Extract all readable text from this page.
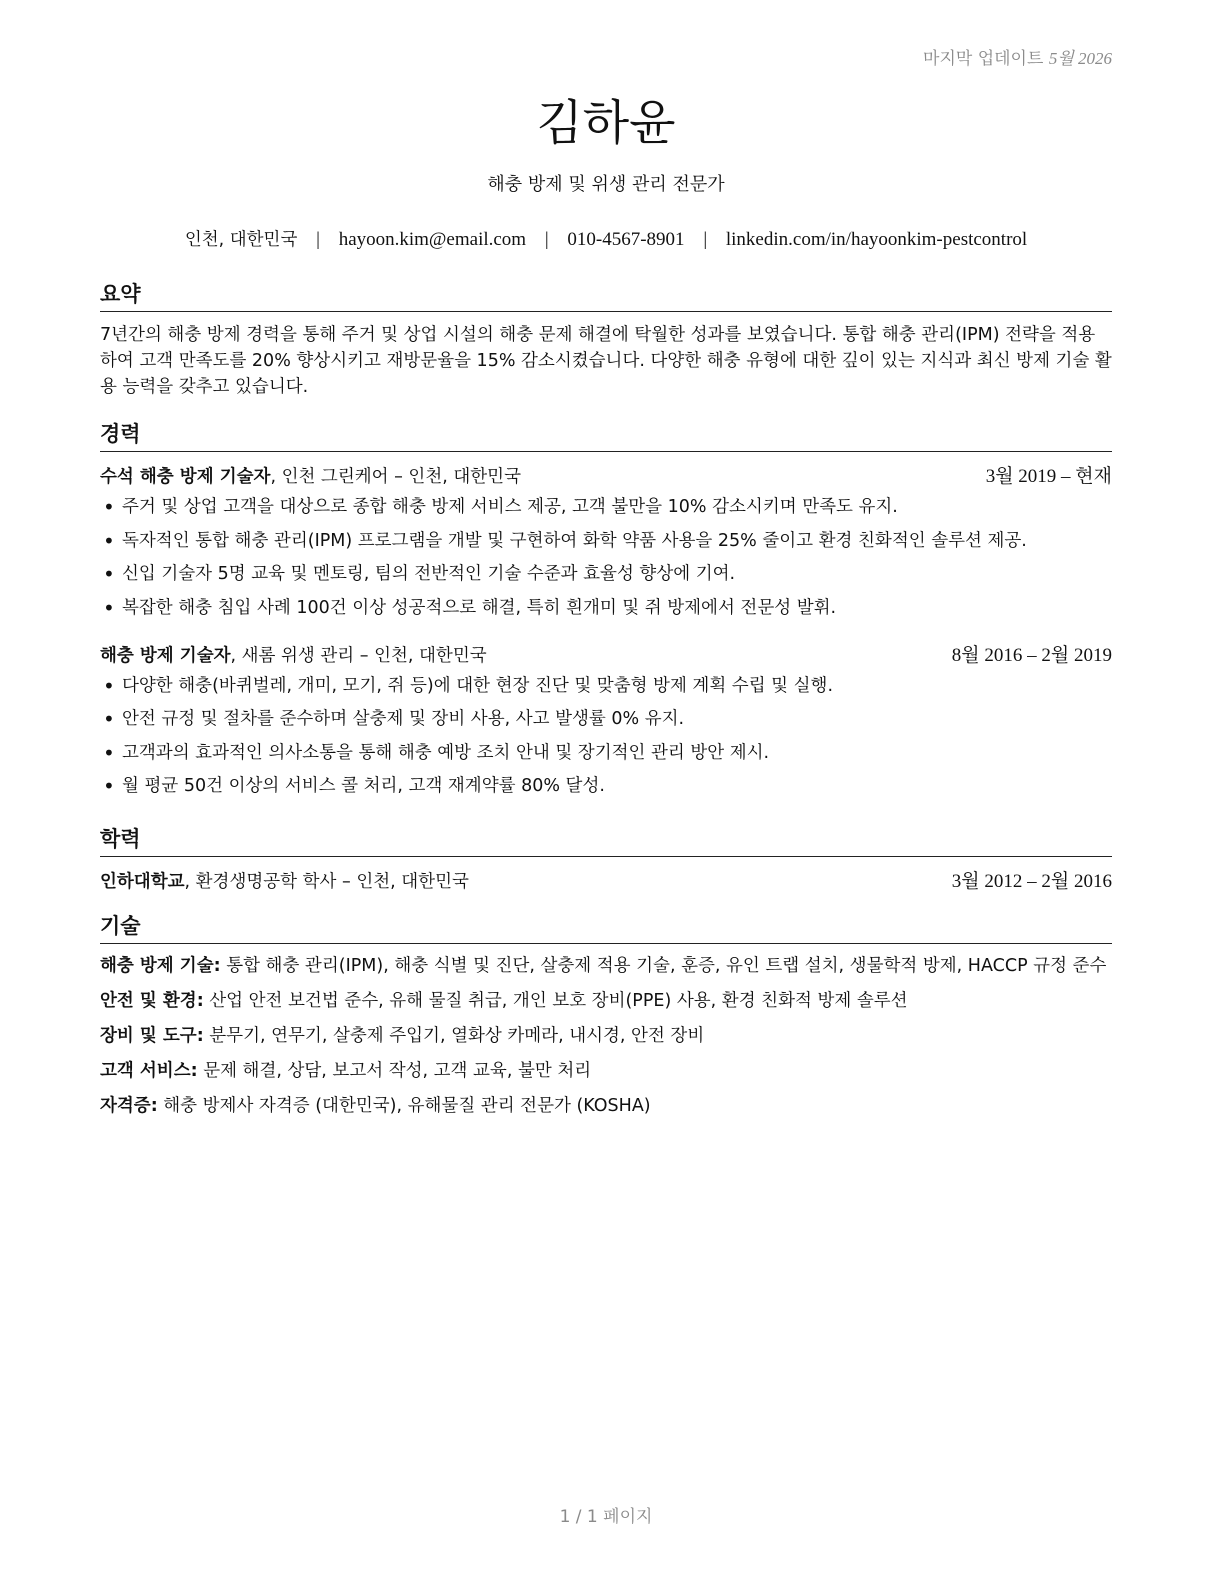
마지막 업데이트 5월 2026
김하윤
해충 방제 및 위생 관리 전문가
인천, 대한민국 | hayoon.kim@email.com | 010-4567-8901 | linkedin.com/in/hayoonkim-pestcontrol
요약
7년간의 해충 방제 경력을 통해 주거 및 상업 시설의 해충 문제 해결에 탁월한 성과를 보였습니다. 통합 해충 관리(IPM) 전략을 적용하여 고객 만족도를 20% 향상시키고 재방문율을 15% 감소시켰습니다. 다양한 해충 유형에 대한 깊이 있는 지식과 최신 방제 기술 활용 능력을 갖추고 있습니다.
경력
수석 해충 방제 기술자, 인천 그린케어 – 인천, 대한민국	3월 2019 – 현재
• 주거 및 상업 고객을 대상으로 종합 해충 방제 서비스 제공, 고객 불만을 10% 감소시키며 만족도 유지.
• 독자적인 통합 해충 관리(IPM) 프로그램을 개발 및 구현하여 화학 약품 사용을 25% 줄이고 환경 친화적인 솔루션 제공.
• 신입 기술자 5명 교육 및 멘토링, 팀의 전반적인 기술 수준과 효율성 향상에 기여.
• 복잡한 해충 침입 사례 100건 이상 성공적으로 해결, 특히 흰개미 및 쥐 방제에서 전문성 발휘.
해충 방제 기술자, 새롬 위생 관리 – 인천, 대한민국	8월 2016 – 2월 2019
• 다양한 해충(바퀴벌레, 개미, 모기, 쥐 등)에 대한 현장 진단 및 맞춤형 방제 계획 수립 및 실행.
• 안전 규정 및 절차를 준수하며 살충제 및 장비 사용, 사고 발생률 0% 유지.
• 고객과의 효과적인 의사소통을 통해 해충 예방 조치 안내 및 장기적인 관리 방안 제시.
• 월 평균 50건 이상의 서비스 콜 처리, 고객 재계약률 80% 달성.
학력
인하대학교, 환경생명공학 학사 – 인천, 대한민국	3월 2012 – 2월 2016
기술
해충 방제 기술: 통합 해충 관리(IPM), 해충 식별 및 진단, 살충제 적용 기술, 훈증, 유인 트랩 설치, 생물학적 방제, HACCP 규정 준수
안전 및 환경: 산업 안전 보건법 준수, 유해 물질 취급, 개인 보호 장비(PPE) 사용, 환경 친화적 방제 솔루션
장비 및 도구: 분무기, 연무기, 살충제 주입기, 열화상 카메라, 내시경, 안전 장비
고객 서비스: 문제 해결, 상담, 보고서 작성, 고객 교육, 불만 처리
자격증: 해충 방제사 자격증 (대한민국), 유해물질 관리 전문가 (KOSHA)
1 / 1 페이지
